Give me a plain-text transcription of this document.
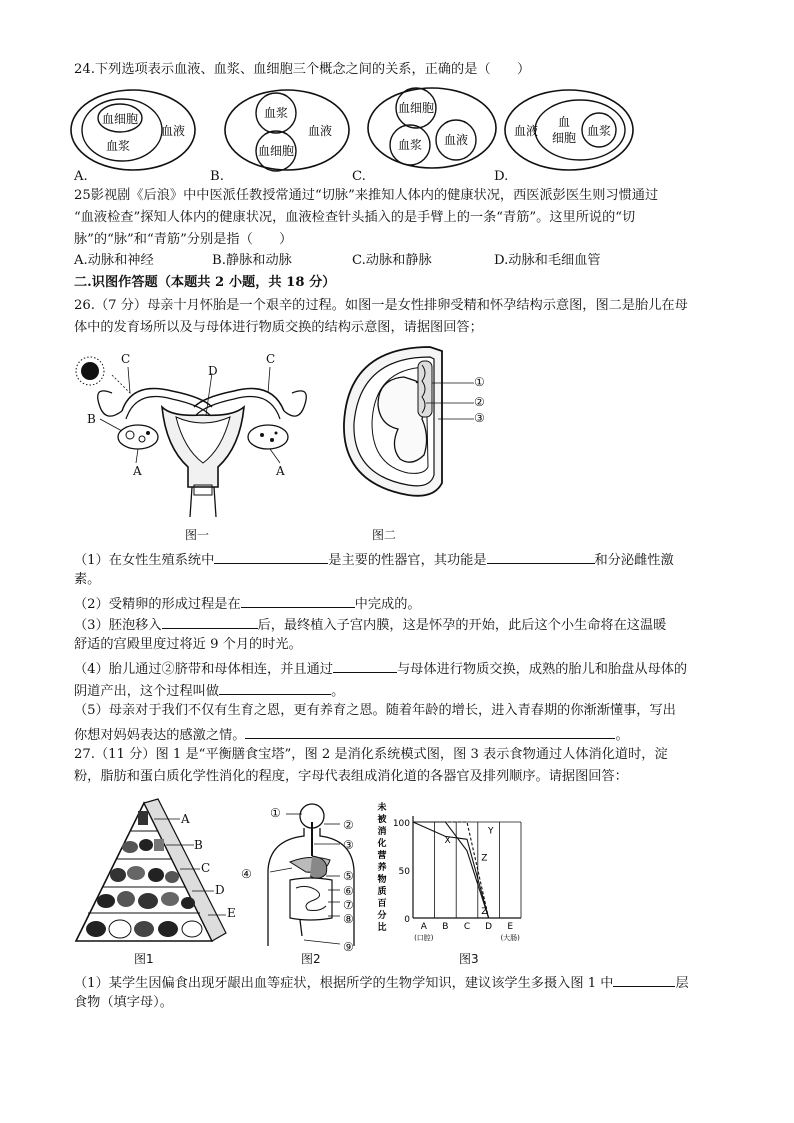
24.下列选项表示血液、血浆、血细胞三个概念之间的关系，正确的是（　　）
血细胞
血浆
血液
血浆
血细胞
血液
血细胞
血浆 血液
血液
血
细胞 血浆
A.	B.	C.	D.
25影视剧《后浪》中中医派任教授常通过“切脉”来推知人体内的健康状况，西医派彭医生则习惯通过
“血液检查”探知人体内的健康状况，血液检查针头插入的是手臂上的一条“青筋”。这里所说的“切
脉”的“脉”和“青筋”分别是指（　　）
A.动脉和神经	B.静脉和动脉	C.动脉和静脉	D.动脉和毛细血管
二.识图作答题（本题共 2 小题，共 18 分）
26.（7 分）母亲十月怀胎是一个艰辛的过程。如图一是女性排卵受精和怀孕结构示意图，图二是胎儿在母
体中的发育场所以及与母体进行物质交换的结构示意图，请据图回答；
C	C
D
B
A	A
①
②
③
图一	图二
（1）在女性生殖系统中	是主要的性器官，其功能是	和分泌雌性激
素。
（2）受精卵的形成过程是在	中完成的。
（3）胚泡移入	后，最终植入子宫内膜，这是怀孕的开始，此后这个小生命将在这温暖
舒适的宫殿里度过将近 9 个月的时光。
（4）胎儿通过②脐带和母体相连，并且通过	与母体进行物质交换，成熟的胎儿和胎盘从母体的
阴道产出，这个过程叫做	。
（5）母亲对于我们不仅有生育之恩，更有养育之恩。随着年龄的增长，进入青春期的你渐渐懂事，写出
你想对妈妈表达的感激之情。	。
27.（11 分）图 1 是“平衡膳食宝塔”，图 2 是消化系统模式图，图 3 表示食物通过人体消化道时，淀
粉，脂肪和蛋白质化学性消化的程度，字母代表组成消化道的各器官及排列顺序。请据图回答：
A
B
C
D
E
图1
①
②
③
④	⑤
⑥
⑦
⑧
⑨
图2
0
50
100
未
被
消
化
营
养
物
质
百
分
比	A
(口腔)
B C D E
(大肠)
X
Y
Z
Z
图3
（1）某学生因偏食出现牙龈出血等症状，根据所学的生物学知识，建议该学生多摄入图 1 中	层
食物（填字母）。
